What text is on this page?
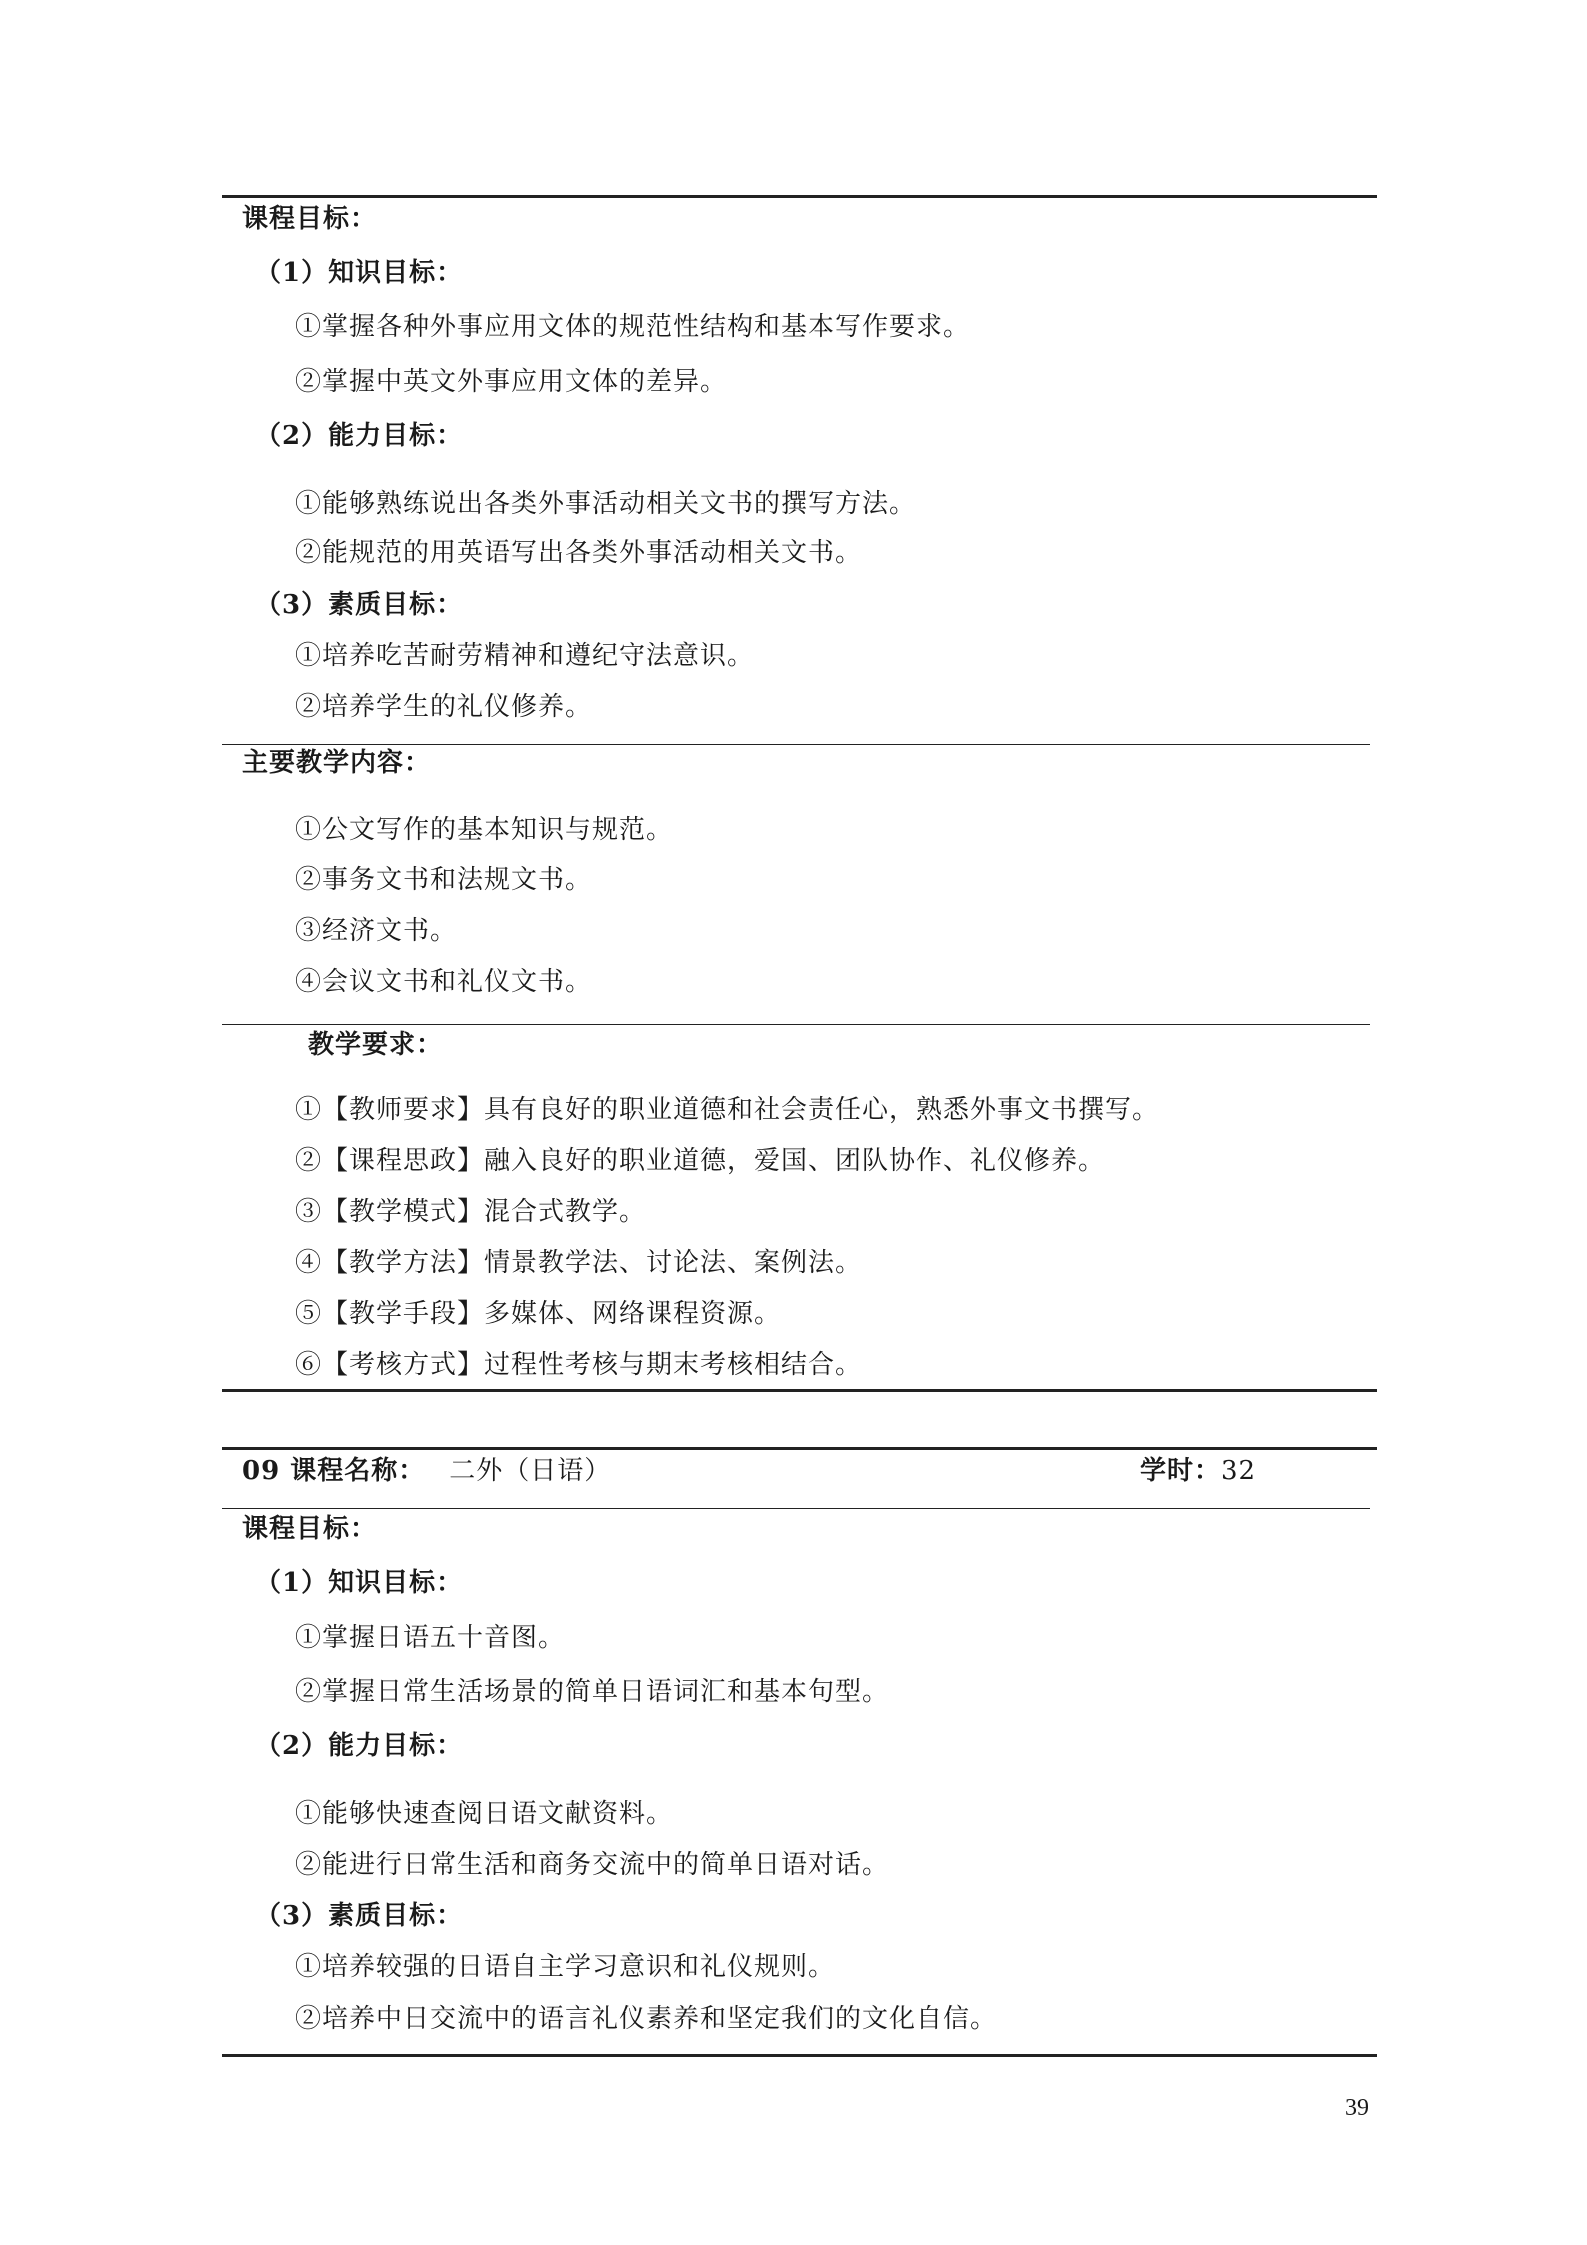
课程目标：
（1）知识目标：
①掌握各种外事应用文体的规范性结构和基本写作要求。
②掌握中英文外事应用文体的差异。
（2）能力目标：
①能够熟练说出各类外事活动相关文书的撰写方法。
②能规范的用英语写出各类外事活动相关文书。
（3）素质目标：
①培养吃苦耐劳精神和遵纪守法意识。
②培养学生的礼仪修养。
主要教学内容：
①公文写作的基本知识与规范。
②事务文书和法规文书。
③经济文书。
④会议文书和礼仪文书。
教学要求：
①【教师要求】具有良好的职业道德和社会责任心，熟悉外事文书撰写。
②【课程思政】融入良好的职业道德，爱国、团队协作、礼仪修养。
③【教学模式】混合式教学。
④【教学方法】情景教学法、讨论法、案例法。
⑤【教学手段】多媒体、网络课程资源。
⑥【考核方式】过程性考核与期末考核相结合。
09 课程名称： 二外（日语）	学时：32
课程目标：
（1）知识目标：
①掌握日语五十音图。
②掌握日常生活场景的简单日语词汇和基本句型。
（2）能力目标：
①能够快速查阅日语文献资料。
②能进行日常生活和商务交流中的简单日语对话。
（3）素质目标：
①培养较强的日语自主学习意识和礼仪规则。
②培养中日交流中的语言礼仪素养和坚定我们的文化自信。
39
